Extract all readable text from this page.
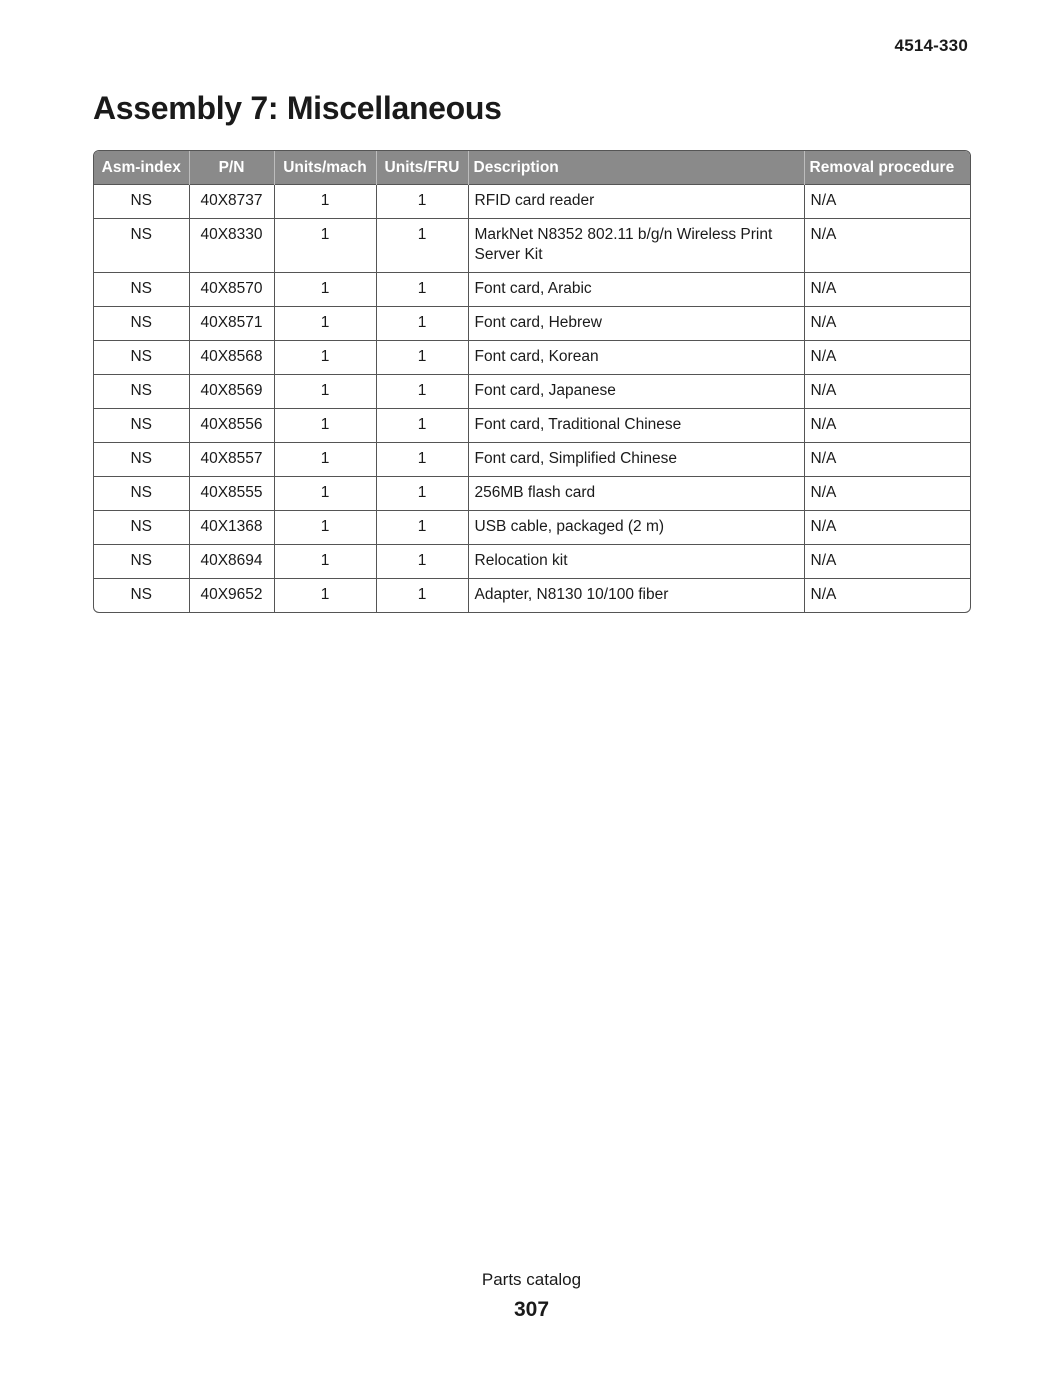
4514-330
Assembly 7: Miscellaneous
Asm-index	P/N	Units/mach	Units/FRU	Description	Removal procedure
NS	40X8737	1	1	RFID card reader	N/A
NS	40X8330	1	1	MarkNet N8352 802.11 b/g/n Wireless Print Server Kit	N/A
NS	40X8570	1	1	Font card, Arabic	N/A
NS	40X8571	1	1	Font card, Hebrew	N/A
NS	40X8568	1	1	Font card, Korean	N/A
NS	40X8569	1	1	Font card, Japanese	N/A
NS	40X8556	1	1	Font card, Traditional Chinese	N/A
NS	40X8557	1	1	Font card, Simplified Chinese	N/A
NS	40X8555	1	1	256MB flash card	N/A
NS	40X1368	1	1	USB cable, packaged (2 m)	N/A
NS	40X8694	1	1	Relocation kit	N/A
NS	40X9652	1	1	Adapter, N8130 10/100 fiber	N/A
Parts catalog
307
